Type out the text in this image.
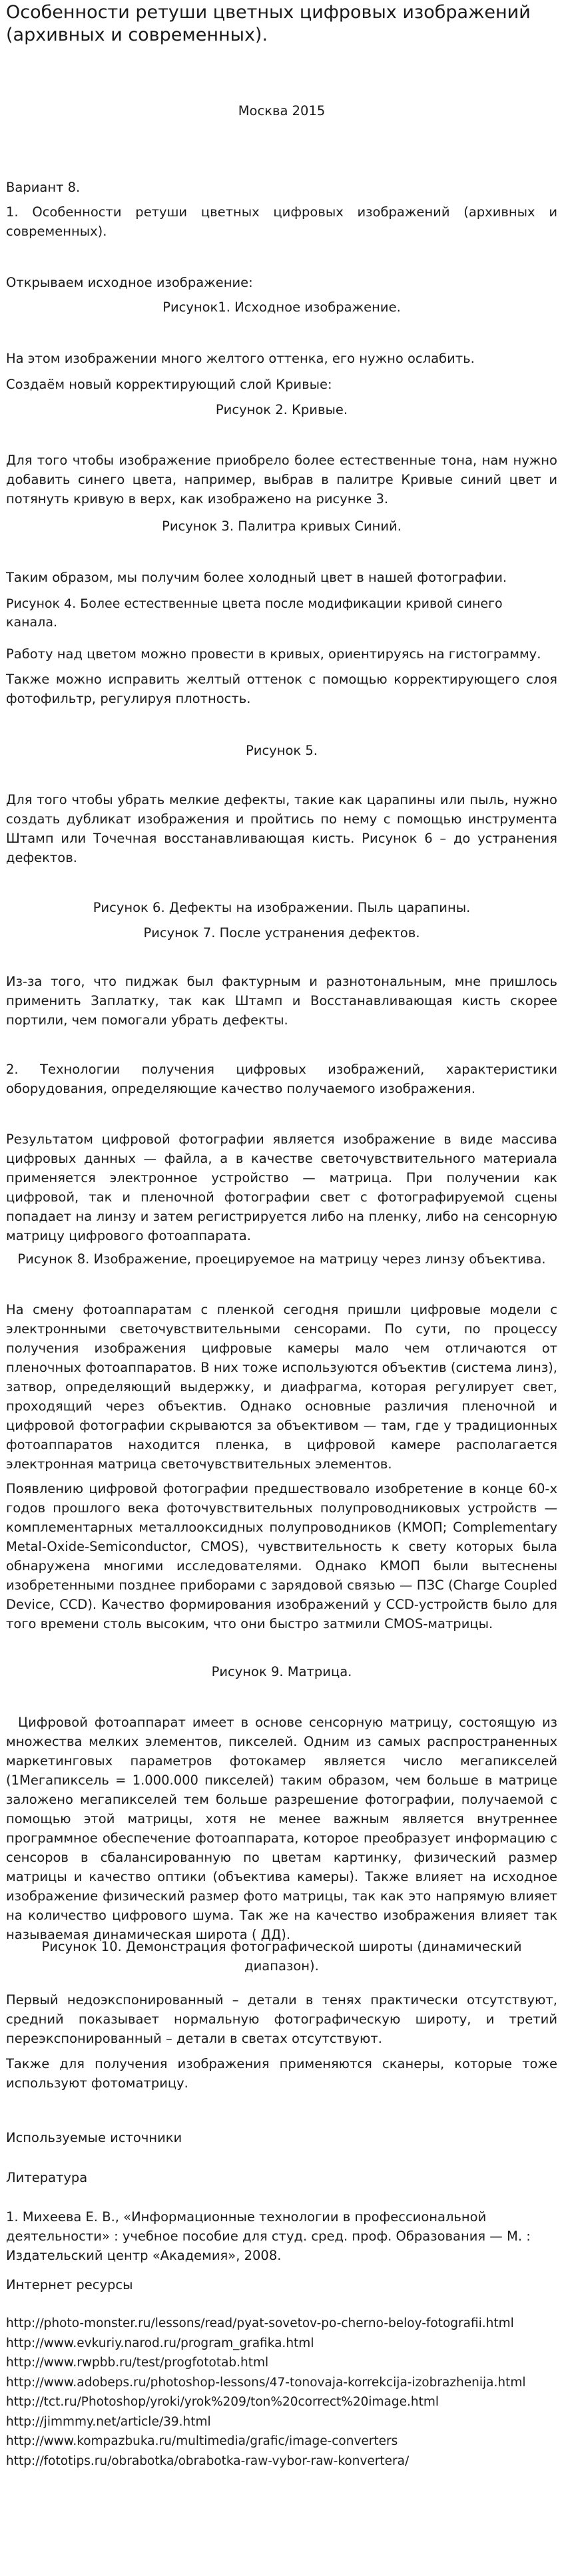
Особенности ретуши цветных цифровых изображений (архивных и современных).

Москва 2015

Вариант 8.

1. Особенности ретуши цветных цифровых изображений (архивных и современных).

Открываем исходное изображение:

Рисунок1. Исходное изображение.

На этом изображении много желтого оттенка, его нужно ослабить.

Создаём новый корректирующий слой Кривые:

Рисунок 2. Кривые.

Для того чтобы изображение приобрело более естественные тона, нам нужно добавить синего цвета, например, выбрав в палитре Кривые синий цвет и потянуть кривую в верх, как изображено на рисунке 3.

Рисунок 3. Палитра кривых Синий.

Таким образом, мы получим более холодный цвет в нашей фотографии.

Рисунок 4. Более естественные цвета после модификации кривой синего канала.

Работу над цветом можно провести в кривых, ориентируясь на гистограмму.

Также можно исправить желтый оттенок с помощью корректирующего слоя фотофильтр, регулируя плотность.

Рисунок 5.

Для того чтобы убрать мелкие дефекты, такие как царапины или пыль, нужно создать дубликат изображения и пройтись по нему с помощью инструмента Штамп или Точечная восстанавливающая кисть. Рисунок 6 – до устранения дефектов.

Рисунок 6. Дефекты на изображении. Пыль царапины.

Рисунок 7. После устранения дефектов.

Из-за того, что пиджак был фактурным и разнотональным, мне пришлось применить Заплатку, так как Штамп и Восстанавливающая кисть скорее портили, чем помогали убрать дефекты.

2. Технологии получения цифровых изображений, характеристики оборудования, определяющие качество получаемого изображения.

Результатом цифровой фотографии является изображение в виде массива цифровых данных — файла, а в качестве светочувствительного материала применяется электронное устройство — матрица. При получении как цифровой, так и пленочной фотографии свет с фотографируемой сцены попадает на линзу и затем регистрируется либо на пленку, либо на сенсорную матрицу цифрового фотоаппарата.

Рисунок 8. Изображение, проецируемое на матрицу через линзу объектива.

На смену фотоаппаратам с пленкой сегодня пришли цифровые модели с электронными светочувствительными сенсорами. По сути, по процессу получения изображения цифровые камеры мало чем отличаются от пленочных фотоаппаратов. В них тоже используются объектив (система линз), затвор, определяющий выдержку, и диафрагма, которая регулирует свет, проходящий через объектив. Однако основные различия пленочной и цифровой фотографии скрываются за объективом — там, где у традиционных фотоаппаратов находится пленка, в цифровой камере располагается электронная матрица светочувствительных элементов.

Появлению цифровой фотографии предшествовало изобретение в конце 60-х годов прошлого века фоточувствительных полупроводниковых устройств — комплементарных металлооксидных полупроводников (КМОП; Complementary Metal-Oxide-Semiconductor, CMOS), чувствительность к свету которых была обнаружена многими исследователями. Однако КМОП были вытеснены изобретенными позднее приборами с зарядовой связью — ПЗС (Charge Coupled Device, CCD). Качество формирования изображений у CCD-устройств было для того времени столь высоким, что они быстро затмили CMOS-матрицы.

Рисунок 9. Матрица.

Цифровой фотоаппарат имеет в основе сенсорную матрицу, состоящую из множества мелких элементов, пикселей. Одним из самых распространенных маркетинговых параметров фотокамер является число мегапикселей (1Мегапиксель = 1.000.000 пикселей) таким образом, чем больше в матрице заложено мегапикселей тем больше разрешение фотографии, получаемой с помощью этой матрицы, хотя не менее важным является внутреннее программное обеспечение фотоаппарата, которое преобразует информацию с сенсоров в сбалансированную по цветам картинку, физический размер матрицы и качество оптики (объектива камеры). Также влияет на исходное изображение физический размер фото матрицы, так как это напрямую влияет на количество цифрового шума. Так же на качество изображения влияет так называемая динамическая широта ( ДД).

Рисунок 10. Демонстрация фотографической широты (динамический диапазон).

Первый недоэкспонированный – детали в тенях практически отсутствуют, средний показывает нормальную фотографическую широту, и третий переэкспонированный – детали в светах отсутствуют.

Также для получения изображения применяются сканеры, которые тоже используют фотоматрицу.

Используемые источники

Литература

1. Михеева Е. В., «Информационные технологии в профессиональной деятельности» : учебное пособие для студ. сред. проф. Образования — М. : Издательский центр «Академия», 2008.

Интернет ресурсы

http://photo-monster.ru/lessons/read/pyat-sovetov-po-cherno-beloy-fotografii.html
http://www.evkuriy.narod.ru/program_grafika.html
http://www.rwpbb.ru/test/progfototab.html
http://www.adobeps.ru/photoshop-lessons/47-tonovaja-korrekcija-izobrazhenija.html
http://tct.ru/Photoshop/yroki/yrok%209/ton%20correct%20image.html
http://jimmmy.net/article/39.html
http://www.kompazbuka.ru/multimedia/grafic/image-converters
http://fototips.ru/obrabotka/obrabotka-raw-vybor-raw-konvertera/
